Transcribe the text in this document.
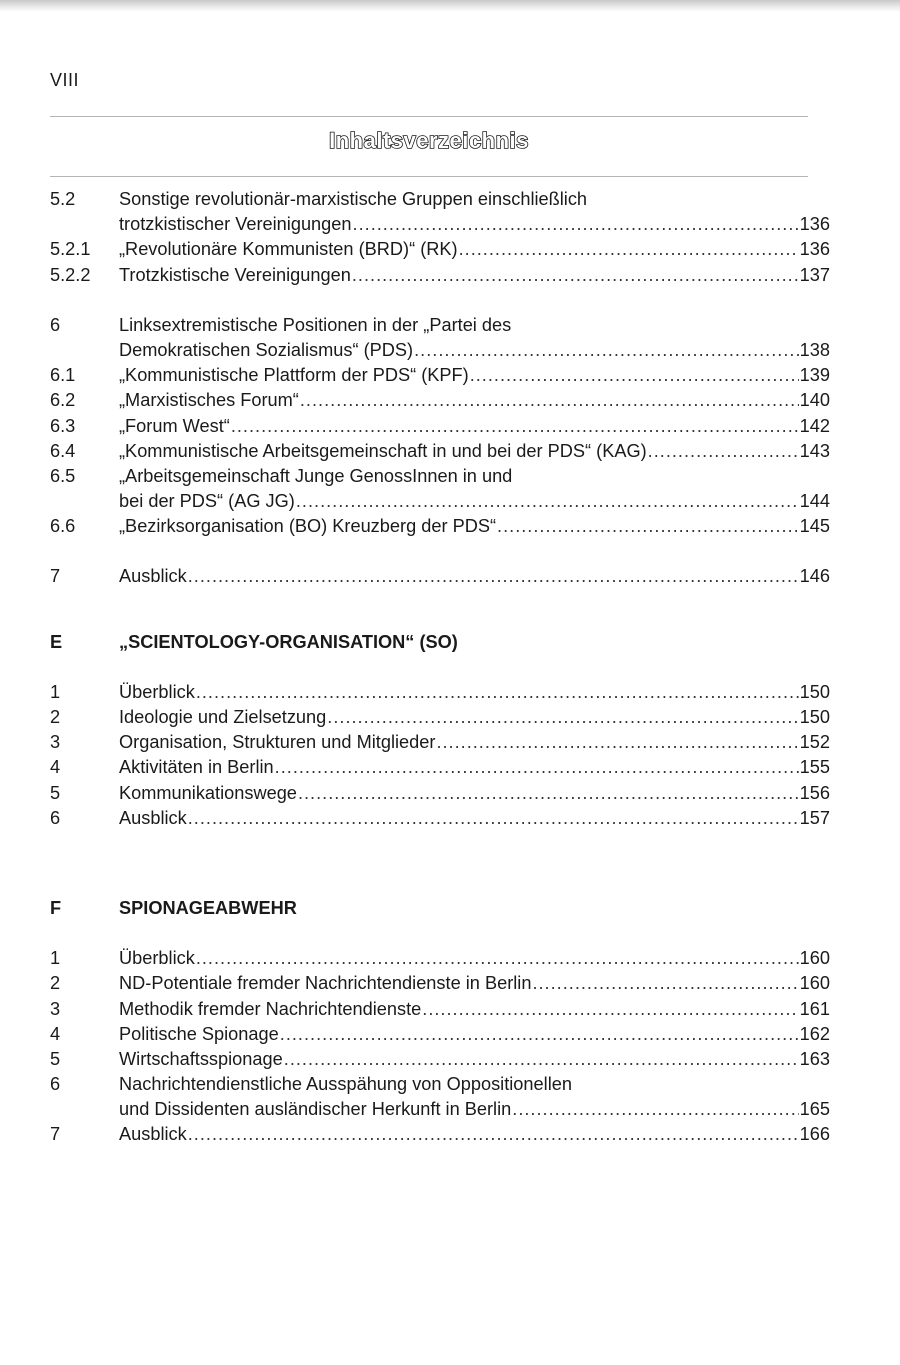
VIII
Inhaltsverzeichnis
5.2	Sonstige revolutionär-marxistische Gruppen einschließlich
trotzkistischer Vereinigungen .....	136
5.2.1	„Revolutionäre Kommunisten (BRD)“ (RK) .....	136
5.2.2	Trotzkistische Vereinigungen .....	137
6	Linksextremistische Positionen in der „Partei des
Demokratischen Sozialismus“ (PDS) .....	138
6.1	„Kommunistische Plattform der PDS“ (KPF) .....	139
6.2	„Marxistisches Forum“ .....	140
6.3	„Forum West“ .....	142
6.4	„Kommunistische Arbeitsgemeinschaft in und bei der PDS“ (KAG) .....	143
6.5	„Arbeitsgemeinschaft Junge GenossInnen in und
bei der PDS“ (AG JG) .....	144
6.6	„Bezirksorganisation (BO) Kreuzberg der PDS“ .....	145
7	Ausblick .....	146
E	„SCIENTOLOGY-ORGANISATION“ (SO)
1	Überblick .....	150
2	Ideologie und Zielsetzung .....	150
3	Organisation, Strukturen und Mitglieder .....	152
4	Aktivitäten in Berlin .....	155
5	Kommunikationswege .....	156
6	Ausblick .....	157
F	SPIONAGEABWEHR
1	Überblick .....	160
2	ND-Potentiale fremder Nachrichtendienste in Berlin .....	160
3	Methodik fremder Nachrichtendienste .....	161
4	Politische Spionage .....	162
5	Wirtschaftsspionage .....	163
6	Nachrichtendienstliche Ausspähung von Oppositionellen
und Dissidenten ausländischer Herkunft in Berlin .....	165
7	Ausblick .....	166
